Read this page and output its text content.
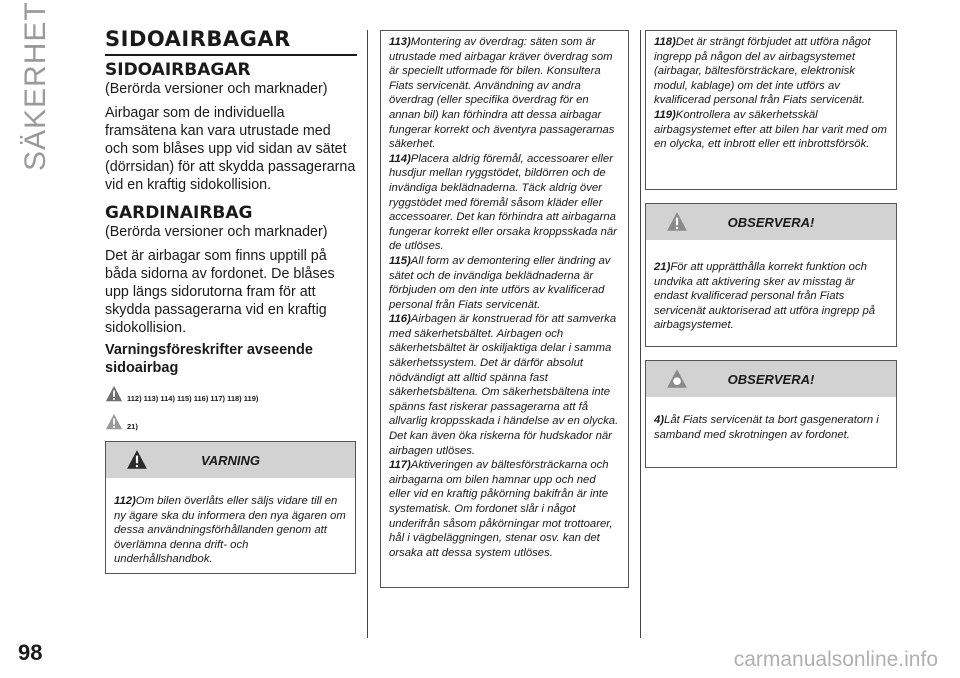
SÄKERHET
98	carmanualsonline.info
SIDOAIRBAGAR
SIDOAIRBAGAR

(Berörda versioner och marknader)

Airbagar som de individuella framsätena kan vara utrustade med och som blåses upp vid sidan av sätet (dörrsidan) för att skydda passagerarna vid en kraftig sidokollision.

GARDINAIRBAG

(Berörda versioner och marknader)

Det är airbagar som finns upptill på båda sidorna av fordonet. De blåses upp längs sidorutorna fram för att skydda passagerarna vid en kraftig sidokollision.

Varningsföreskrifter avseende sidoairbag
112) 113) 114) 115) 116) 117) 118) 119)
21)
VARNING

112)Om bilen överlåts eller säljs vidare till en ny ägare ska du informera den nya ägaren om dessa användningsförhållanden genom att överlämna denna drift- och underhållshandbok.

113)Montering av överdrag: säten som är utrustade med airbagar kräver överdrag som är speciellt utformade för bilen. Konsultera Fiats servicenät. Användning av andra överdrag (eller specifika överdrag för en annan bil) kan förhindra att dessa airbagar fungerar korrekt och äventyra passagerarnas säkerhet.

114)Placera aldrig föremål, accessoarer eller husdjur mellan ryggstödet, bildörren och de invändiga beklädnaderna. Täck aldrig över ryggstödet med föremål såsom kläder eller accessoarer. Det kan förhindra att airbagarna fungerar korrekt eller orsaka kroppsskada när de utlöses.

115)All form av demontering eller ändring av sätet och de invändiga beklädnaderna är förbjuden om den inte utförs av kvalificerad personal från Fiats servicenät.

116)Airbagen är konstruerad för att samverka med säkerhetsbältet. Airbagen och säkerhetsbältet är oskiljaktiga delar i samma säkerhetssystem. Det är därför absolut nödvändigt att alltid spänna fast säkerhetsbältena. Om säkerhetsbältena inte spänns fast riskerar passagerarna att få allvarlig kroppsskada i händelse av en olycka. Det kan även öka riskerna för hudskador när airbagen utlöses.

117)Aktiveringen av bältesförsträckarna och airbagarna om bilen hamnar upp och ned eller vid en kraftig påkörning bakifrån är inte systematisk. Om fordonet slår i något underifrån såsom påkörningar mot trottoarer, hål i vägbeläggningen, stenar osv. kan det orsaka att dessa system utlöses.

118)Det är strängt förbjudet att utföra något ingrepp på någon del av airbagsystemet (airbagar, bältesförsträckare, elektronisk modul, kablage) om det inte utförs av kvalificerad personal från Fiats servicenät.

119)Kontrollera av säkerhetsskäl airbagsystemet efter att bilen har varit med om en olycka, ett inbrott eller ett inbrottsförsök.

OBSERVERA!

21)För att upprätthålla korrekt funktion och undvika att aktivering sker av misstag är endast kvalificerad personal från Fiats servicenät auktoriserad att utföra ingrepp på airbagsystemet.

OBSERVERA!

4)Låt Fiats servicenät ta bort gasgeneratorn i samband med skrotningen av fordonet.
